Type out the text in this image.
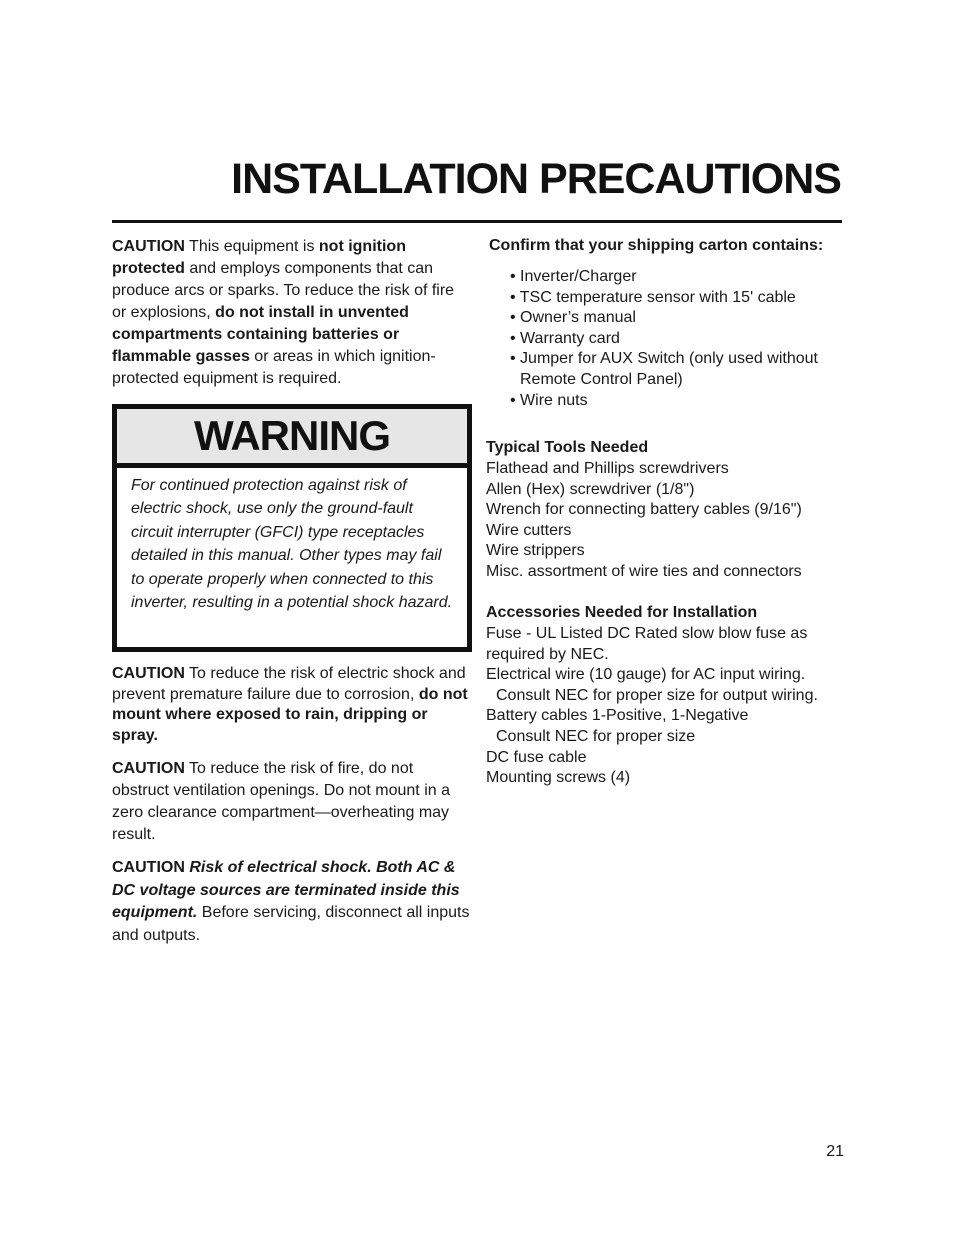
INSTALLATION PRECAUTIONS

CAUTION This equipment is not ignition protected and employs components that can produce arcs or sparks. To reduce the risk of fire or explosions, do not install in unvented compartments containing batteries or flammable gasses or areas in which ignition-protected equipment is required.

WARNING
For continued protection against risk of electric shock, use only the ground-fault circuit interrupter (GFCI) type receptacles detailed in this manual. Other types may fail to operate properly when connected to this inverter, resulting in a potential shock hazard.

CAUTION To reduce the risk of electric shock and prevent premature failure due to corrosion, do not mount where exposed to rain, dripping or spray.

CAUTION To reduce the risk of fire, do not obstruct ventilation openings. Do not mount in a zero clearance compartment—overheating may result.

CAUTION Risk of electrical shock. Both AC & DC voltage sources are terminated inside this equipment. Before servicing, disconnect all inputs and outputs.

Confirm that your shipping carton contains:
• Inverter/Charger
• TSC temperature sensor with 15' cable
• Owner’s manual
• Warranty card
• Jumper for AUX Switch (only used without Remote Control Panel)
• Wire nuts
Typical Tools Needed
Flathead and Phillips screwdrivers
Allen (Hex) screwdriver (1/8")
Wrench for connecting battery cables (9/16")
Wire cutters
Wire strippers
Misc. assortment of wire ties and connectors
Accessories Needed for Installation
Fuse - UL Listed DC Rated slow blow fuse as required by NEC.
Electrical wire (10 gauge) for AC input wiring.
Consult NEC for proper size for output wiring.
Battery cables 1-Positive, 1-Negative
Consult NEC for proper size
DC fuse cable
Mounting screws (4)
21
